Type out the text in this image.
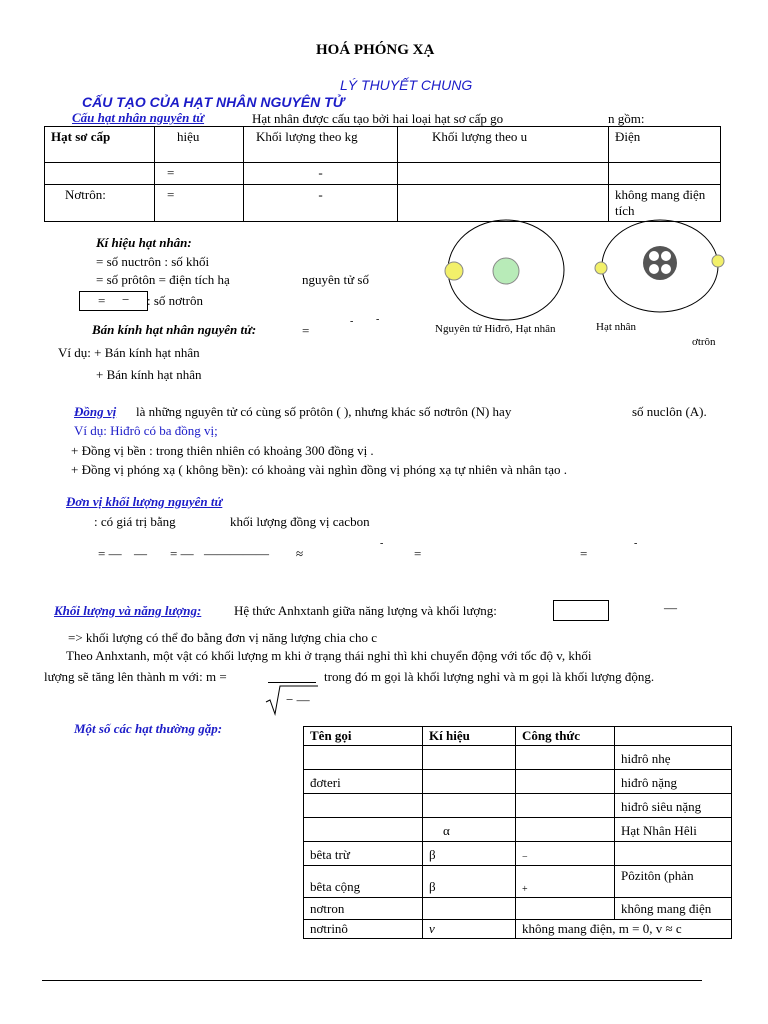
HOÁ PHÓNG XẠ
LÝ THUYẾT CHUNG
CẤU TẠO CỦA HẠT NHÂN NGUYÊN TỬ
Cấu hạt nhân nguyên tử	Hạt nhân được cấu tạo bởi hai loại hạt sơ cấp go	n gồm:
Hạt sơ cấp	hiệu	Khối lượng theo kg	Khối lượng theo u	Điện
	=	-		
Nơtrôn:	=	-		không mang điện tích
Kí hiệu hạt nhân:
= số nuctrôn : số khối
= số prôtôn = điện tích hạ	nguyên tử số
= − : số nơtrôn
Bán kính hạt nhân nguyên tử:	=
- -
Ví dụ: + Bán kính hạt nhân
+ Bán kính hạt nhân
Nguyên tử Hiđrô, Hạt nhân	Hạt nhân
ơtrôn
Đồng vị là những nguyên tử có cùng số prôtôn ( ), nhưng khác số nơtrôn (N) hay	số nuclôn (A).
Ví dụ: Hiđrô có ba đồng vị;
+ Đồng vị bền : trong thiên nhiên có khoảng 300 đồng vị .
+ Đồng vị phóng xạ ( không bền): có khoảng vài nghìn đồng vị phóng xạ tự nhiên và nhân tạo .
Đơn vị khối lượng nguyên tử
: có giá trị bằng	khối lượng đồng vị cacbon
= — — = — ————— ≈
-
=	=
-
Khối lượng và năng lượng:	Hệ thức Anhxtanh giữa năng lượng và khối lượng:	—
=> khối lượng có thể đo bằng đơn vị năng lượng chia cho c
Theo Anhxtanh, một vật có khối lượng m khi ở trạng thái nghỉ thì khi chuyển động với tốc độ v, khối
lượng sẽ tăng lên thành m với: m =	trong đó m gọi là khối lượng nghỉ và m gọi là khối lượng động.
− —
Một số các hạt thường gặp:	Tên gọi	Kí hiệu	Công thức	
			hiđrô nhẹ
đơteri			hiđrô nặng
			hiđrô siêu nặng
	α		Hạt Nhân Hêli
bêta trừ	β	−	
bêta cộng	β	+	Pôzitôn (phản
nơtron			không mang điện
nơtrinô	ν	không mang điện, m = 0, v ≈ c	
